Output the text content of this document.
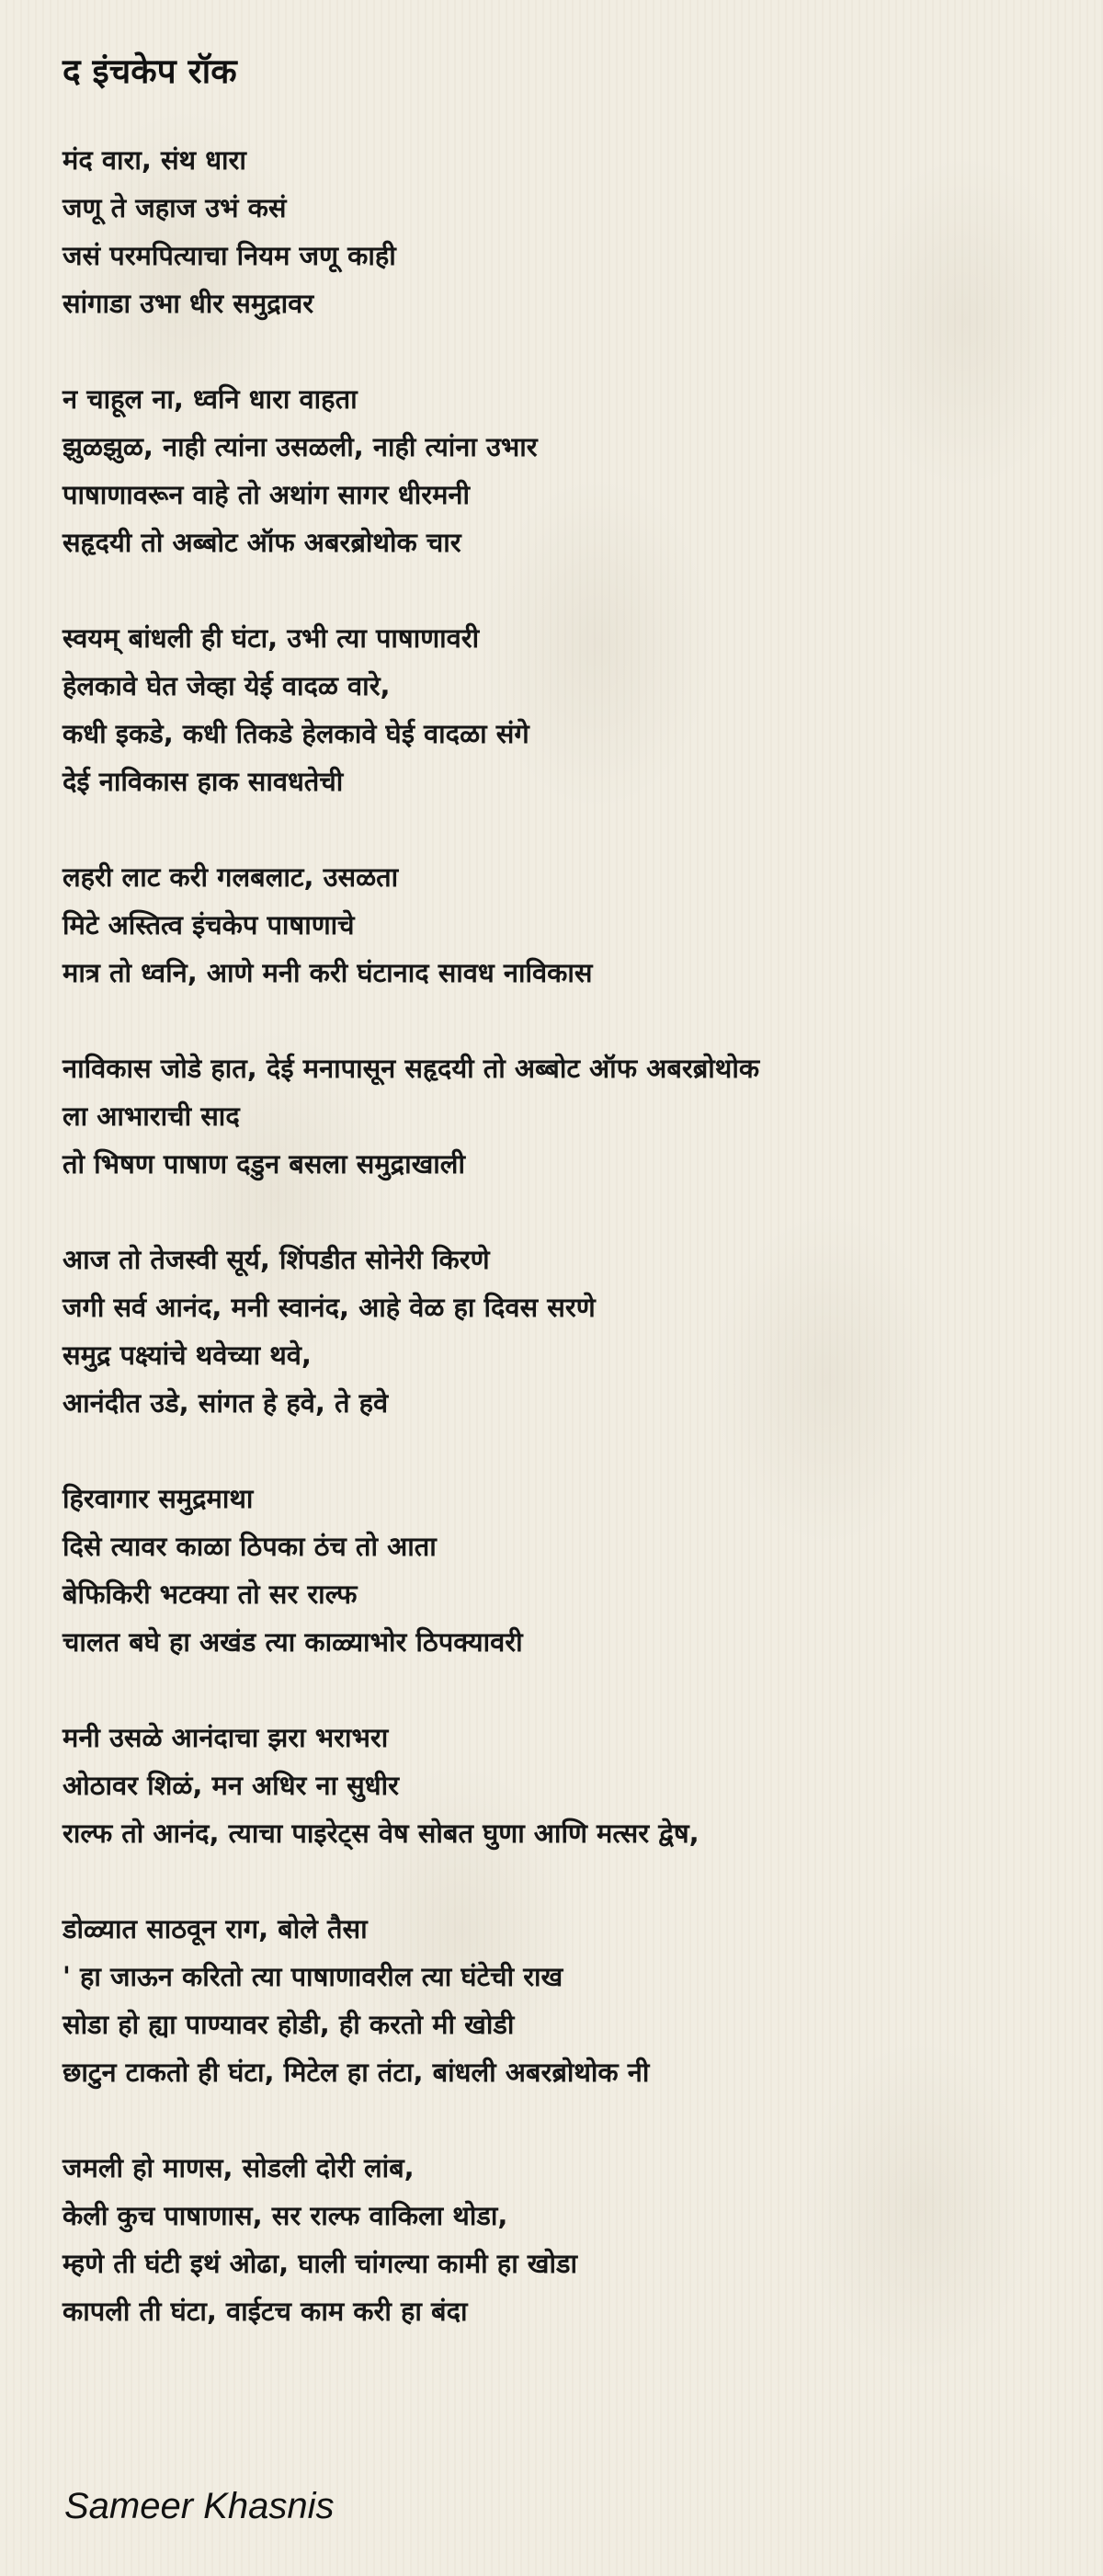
द इंचकेप रॉक
मंद वारा, संथ धारा
जणू ते जहाज उभं कसं
जसं परमपित्याचा नियम जणू काही
सांगाडा उभा धीर समुद्रावर
न चाहूल ना, ध्वनि धारा वाहता
झुळझुळ, नाही त्यांना उसळली, नाही त्यांना उभार
पाषाणावरून वाहे तो अथांग सागर धीरमनी
सहृदयी तो अब्बोट ऑफ अबरब्रोथोक चार
स्वयम् बांधली ही घंटा, उभी त्या पाषाणावरी
हेलकावे घेत जेव्हा येई वादळ वारे,
कधी इकडे, कधी तिकडे हेलकावे घेई वादळा संगे
देई नाविकास हाक सावधतेची
लहरी लाट करी गलबलाट, उसळता
मिटे अस्तित्व इंचकेप पाषाणाचे
मात्र तो ध्वनि, आणे मनी करी घंटानाद सावध नाविकास
नाविकास जोडे हात, देई मनापासून सहृदयी तो अब्बोट ऑफ अबरब्रोथोक
ला आभाराची साद
तो भिषण पाषाण दडुन बसला समुद्राखाली
आज तो तेजस्वी सूर्य, शिंपडीत सोनेरी किरणे
जगी सर्व आनंद, मनी स्वानंद, आहे वेळ हा दिवस सरणे
समुद्र पक्ष्यांचे थवेच्या थवे,
आनंदीत उडे, सांगत हे हवे, ते हवे
हिरवागार समुद्रमाथा
दिसे त्यावर काळा ठिपका ठंच तो आता
बेफिकिरी भटक्या तो सर राल्फ
चालत बघे हा अखंड त्या काळ्याभोर ठिपक्यावरी
मनी उसळे आनंदाचा झरा भराभरा
ओठावर शिळं, मन अधिर ना सुधीर
राल्फ तो आनंद, त्याचा पाइरेट्स वेष सोबत घुणा आणि मत्सर द्वेष,
डोळ्यात साठवून राग, बोले तैसा
' हा जाऊन करितो त्या पाषाणावरील त्या घंटेची राख
सोडा हो ह्या पाण्यावर होडी, ही करतो मी खोडी
छाटुन टाकतो ही घंटा, मिटेल हा तंटा, बांधली अबरब्रोथोक नी
जमली हो माणस, सोडली दोरी लांब,
केली कुच पाषाणास, सर राल्फ वाकिला थोडा,
म्हणे ती घंटी इथं ओढा, घाली चांगल्या कामी हा खोडा
कापली ती घंटा, वाईटच काम करी हा बंदा

Sameer Khasnis
